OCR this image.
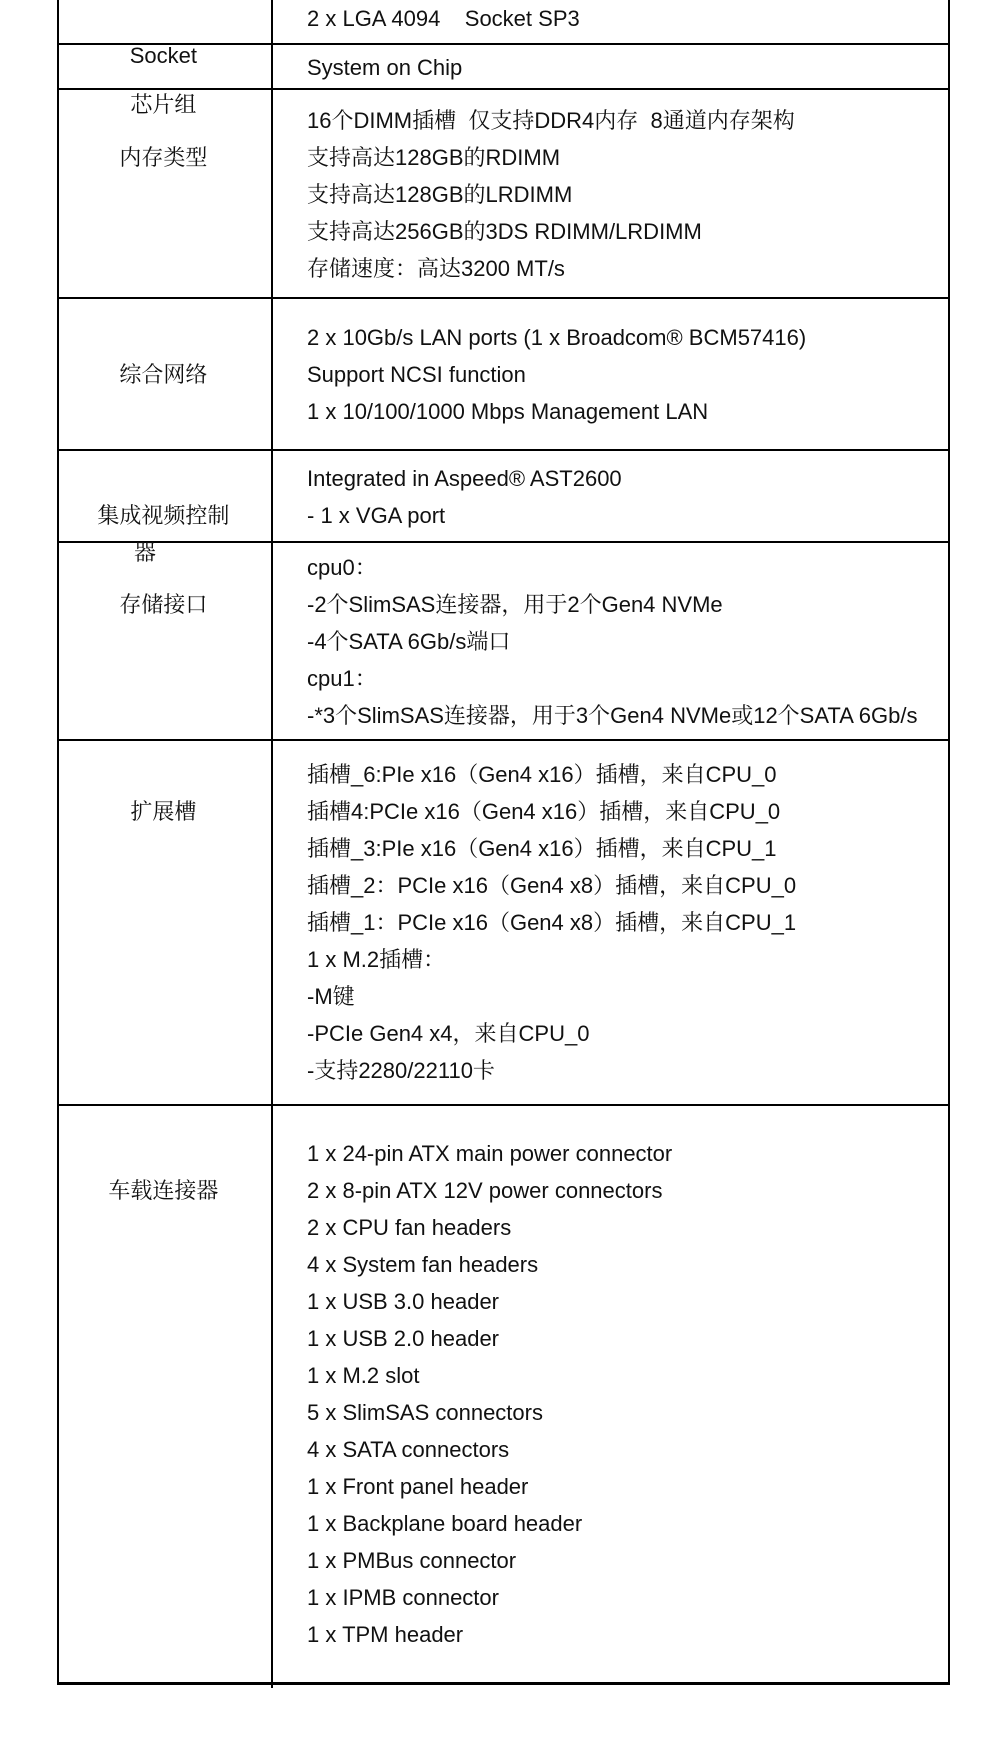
Socket

2 x LGA 4094    Socket SP3

芯片组

System on Chip

内存类型

16个DIMM插槽  仅支持DDR4内存  8通道内存架构
支持高达128GB的RDIMM
支持高达128GB的LRDIMM
支持高达256GB的3DS RDIMM/LRDIMM
存储速度：高达3200 MT/s

综合网络

2 x 10Gb/s LAN ports (1 x Broadcom® BCM57416)
Support NCSI function
1 x 10/100/1000 Mbps Management LAN

集成视频控制器

Integrated in Aspeed® AST2600
- 1 x VGA port

存储接口

cpu0：
-2个SlimSAS连接器，用于2个Gen4 NVMe
-4个SATA 6Gb/s端口
cpu1：
-*3个SlimSAS连接器，用于3个Gen4 NVMe或12个SATA 6Gb/s

扩展槽

插槽_6:PIe x16（Gen4 x16）插槽，来自CPU_0
插槽4:PCIe x16（Gen4 x16）插槽，来自CPU_0
插槽_3:PIe x16（Gen4 x16）插槽，来自CPU_1
插槽_2：PCIe x16（Gen4 x8）插槽，来自CPU_0
插槽_1：PCIe x16（Gen4 x8）插槽，来自CPU_1
1 x M.2插槽：
-M键
-PCIe Gen4 x4，来自CPU_0
-支持2280/22110卡

车载连接器

1 x 24-pin ATX main power connector
2 x 8-pin ATX 12V power connectors
2 x CPU fan headers
4 x System fan headers
1 x USB 3.0 header
1 x USB 2.0 header
1 x M.2 slot
5 x SlimSAS connectors
4 x SATA connectors
1 x Front panel header
1 x Backplane board header
1 x PMBus connector
1 x IPMB connector
1 x TPM header
